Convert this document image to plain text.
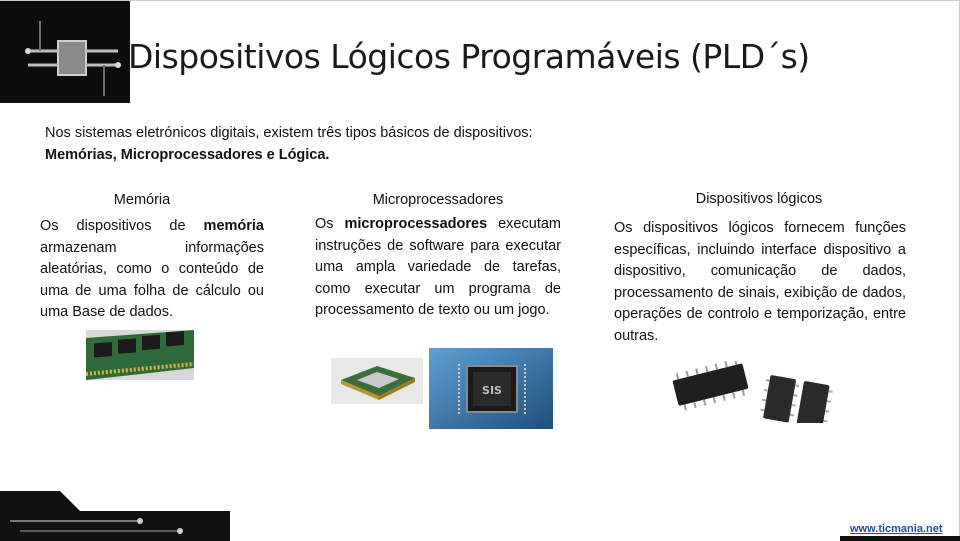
Dispositivos Lógicos Programáveis (PLD´s)
Nos sistemas eletrónicos digitais, existem três tipos básicos de dispositivos:
Memórias, Microprocessadores e Lógica.
Memória
Os dispositivos de memória armazenam informações aleatórias, como o conteúdo de uma de uma folha de cálculo ou uma Base de dados.
Microprocessadores
Os microprocessadores executam instruções de software para executar uma ampla variedade de tarefas, como executar um programa de processamento de texto ou um jogo.
Dispositivos lógicos
Os dispositivos lógicos fornecem funções específicas, incluindo interface dispositivo a dispositivo, comunicação de dados, processamento de sinais, exibição de dados, operações de controlo e temporização, entre outras.
SIS
www.ticmania.net
